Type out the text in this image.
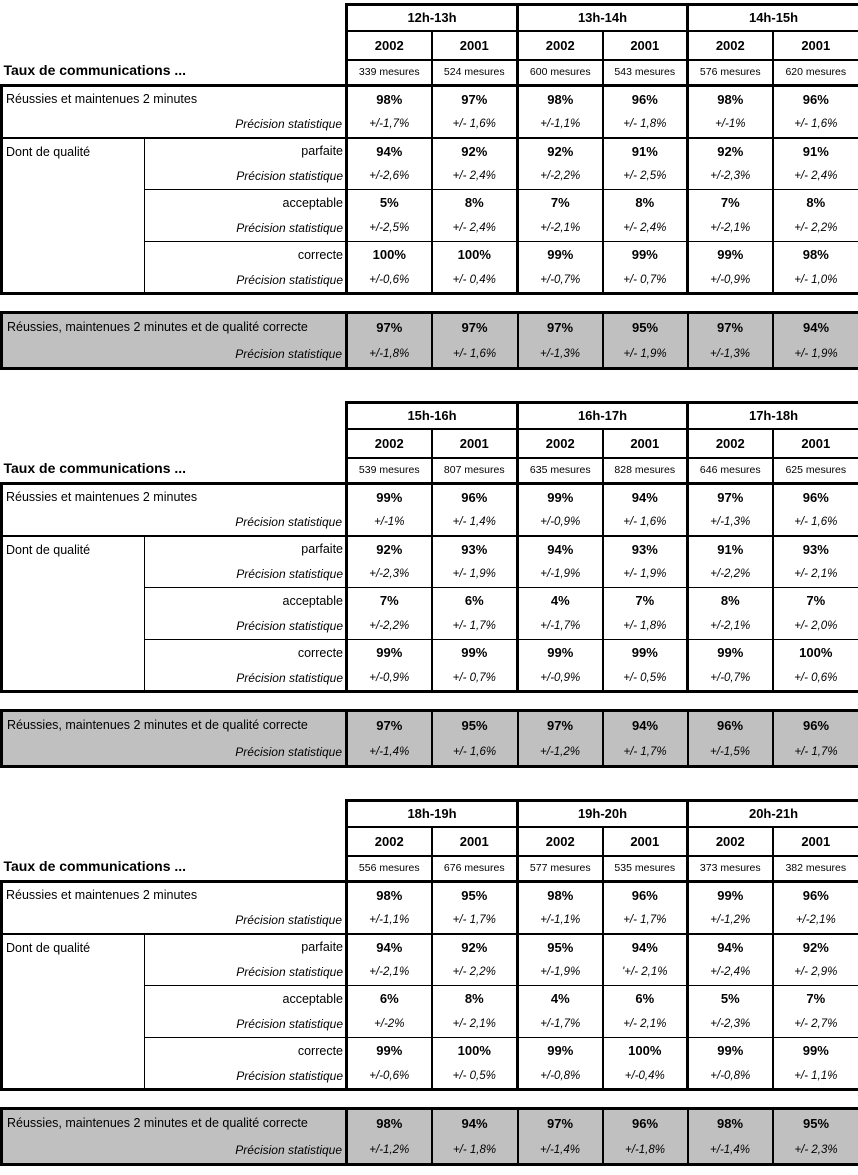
		12h-13h		13h-14h		14h-15h	
		2002	2001	2002	2001	2002	2001
Taux de communications ...		339 mesures	524 mesures	600 mesures	543 mesures	576 mesures	620 mesures
Réussies et maintenues 2 minutes		98%	97%	98%	96%	98%	96%
Précision statistique		+/-1,7%	+/- 1,6%	+/-1,1%	+/- 1,8%	+/-1%	+/- 1,6%
Dont de qualité	parfaite	94%	92%	92%	91%	92%	91%
	Précision statistique	+/-2,6%	+/- 2,4%	+/-2,2%	+/- 2,5%	+/-2,3%	+/- 2,4%
	acceptable	5%	8%	7%	8%	7%	8%
	Précision statistique	+/-2,5%	+/- 2,4%	+/-2,1%	+/- 2,4%	+/-2,1%	+/- 2,2%
	correcte	100%	100%	99%	99%	99%	98%
	Précision statistique	+/-0,6%	+/- 0,4%	+/-0,7%	+/- 0,7%	+/-0,9%	+/- 1,0%
Réussies, maintenues 2 minutes et de qualité correcte	97%	97%	97%	95%	97%	94%
Précision statistique	+/-1,8%	+/- 1,6%	+/-1,3%	+/- 1,9%	+/-1,3%	+/- 1,9%
		15h-16h		16h-17h		17h-18h	
		2002	2001	2002	2001	2002	2001
Taux de communications ...		539 mesures	807 mesures	635 mesures	828 mesures	646 mesures	625 mesures
Réussies et maintenues 2 minutes		99%	96%	99%	94%	97%	96%
Précision statistique		+/-1%	+/- 1,4%	+/-0,9%	+/- 1,6%	+/-1,3%	+/- 1,6%
Dont de qualité	parfaite	92%	93%	94%	93%	91%	93%
	Précision statistique	+/-2,3%	+/- 1,9%	+/-1,9%	+/- 1,9%	+/-2,2%	+/- 2,1%
	acceptable	7%	6%	4%	7%	8%	7%
	Précision statistique	+/-2,2%	+/- 1,7%	+/-1,7%	+/- 1,8%	+/-2,1%	+/- 2,0%
	correcte	99%	99%	99%	99%	99%	100%
	Précision statistique	+/-0,9%	+/- 0,7%	+/-0,9%	+/- 0,5%	+/-0,7%	+/- 0,6%
Réussies, maintenues 2 minutes et de qualité correcte	97%	95%	97%	94%	96%	96%
Précision statistique	+/-1,4%	+/- 1,6%	+/-1,2%	+/- 1,7%	+/-1,5%	+/- 1,7%
		18h-19h		19h-20h		20h-21h	
		2002	2001	2002	2001	2002	2001
Taux de communications ...		556 mesures	676 mesures	577 mesures	535 mesures	373 mesures	382 mesures
Réussies et maintenues 2 minutes		98%	95%	98%	96%	99%	96%
Précision statistique		+/-1,1%	+/- 1,7%	+/-1,1%	+/- 1,7%	+/-1,2%	+/-2,1%
Dont de qualité	parfaite	94%	92%	95%	94%	94%	92%
	Précision statistique	+/-2,1%	+/- 2,2%	+/-1,9%	'+/- 2,1%	+/-2,4%	+/- 2,9%
	acceptable	6%	8%	4%	6%	5%	7%
	Précision statistique	+/-2%	+/- 2,1%	+/-1,7%	+/- 2,1%	+/-2,3%	+/- 2,7%
	correcte	99%	100%	99%	100%	99%	99%
	Précision statistique	+/-0,6%	+/- 0,5%	+/-0,8%	+/-0,4%	+/-0,8%	+/- 1,1%
Réussies, maintenues 2 minutes et de qualité correcte	98%	94%	97%	96%	98%	95%
Précision statistique	+/-1,2%	+/- 1,8%	+/-1,4%	+/-1,8%	+/-1,4%	+/- 2,3%
